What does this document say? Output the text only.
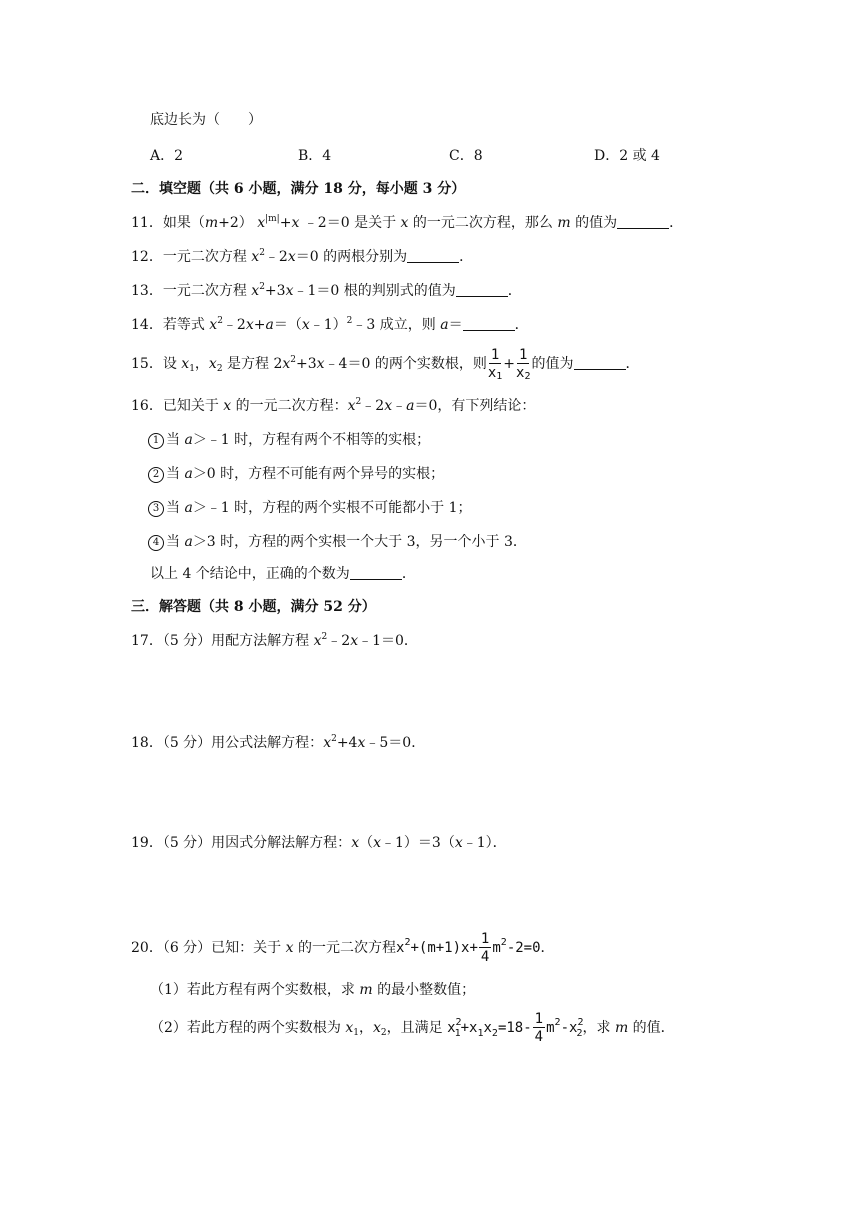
底边长为（　　）
A．2	B．4	C．8	D．2 或 4
二．填空题（共 6 小题，满分 18 分，每小题 3 分）
11．如果（m+2） $x^{|m|}+x$ ﹣2＝0 是关于 x 的一元二次方程，那么 m 的值为	．
12．一元二次方程 $x^2﹣2x=0$ 的两根分别为	．
13．一元二次方程 $x^2+3x﹣1=0$ 根的判别式的值为	．
14．若等式 $x^2﹣2x+a=(x﹣1)^2﹣3$ 成立，则 a＝	．
15．设 $x_1$，$x_2$ 是方程 $2x^2+3x﹣4=0$ 的两个实数根，则 $\frac{1}{x_1} + \frac{1}{x_2}$ 的值为	．
16．已知关于 x 的一元二次方程：$x^2﹣2x﹣a=0$，有下列结论：
1 当 a＞﹣1 时，方程有两个不相等的实根；
2 当 a＞0 时，方程不可能有两个异号的实根；
3 当 a＞﹣1 时，方程的两个实根不可能都小于 1；
4 当 a＞3 时，方程的两个实根一个大于 3，另一个小于 3．
以上 4 个结论中，正确的个数为	．
三．解答题（共 8 小题，满分 52 分）
17．（5 分）用配方法解方程 $x^2﹣2x﹣1=0$．
18．（5 分）用公式法解方程：$x^2+4x﹣5=0$．
19．（5 分）用因式分解法解方程：x（x﹣1）＝3（x﹣1）．
20．（6 分）已知：关于 x 的一元二次方程$x^2+(m+1)x+ \frac{1}{4} m^2-2=0$．
（1）若此方程有两个实数根，求 m 的最小整数值；
（2）若此方程的两个实数根为 $x_1$，$x_2$，且满足 $x^2_1+x_1x_2=18- \frac{1}{4} m^2-x^2_2$，求 m 的值．
